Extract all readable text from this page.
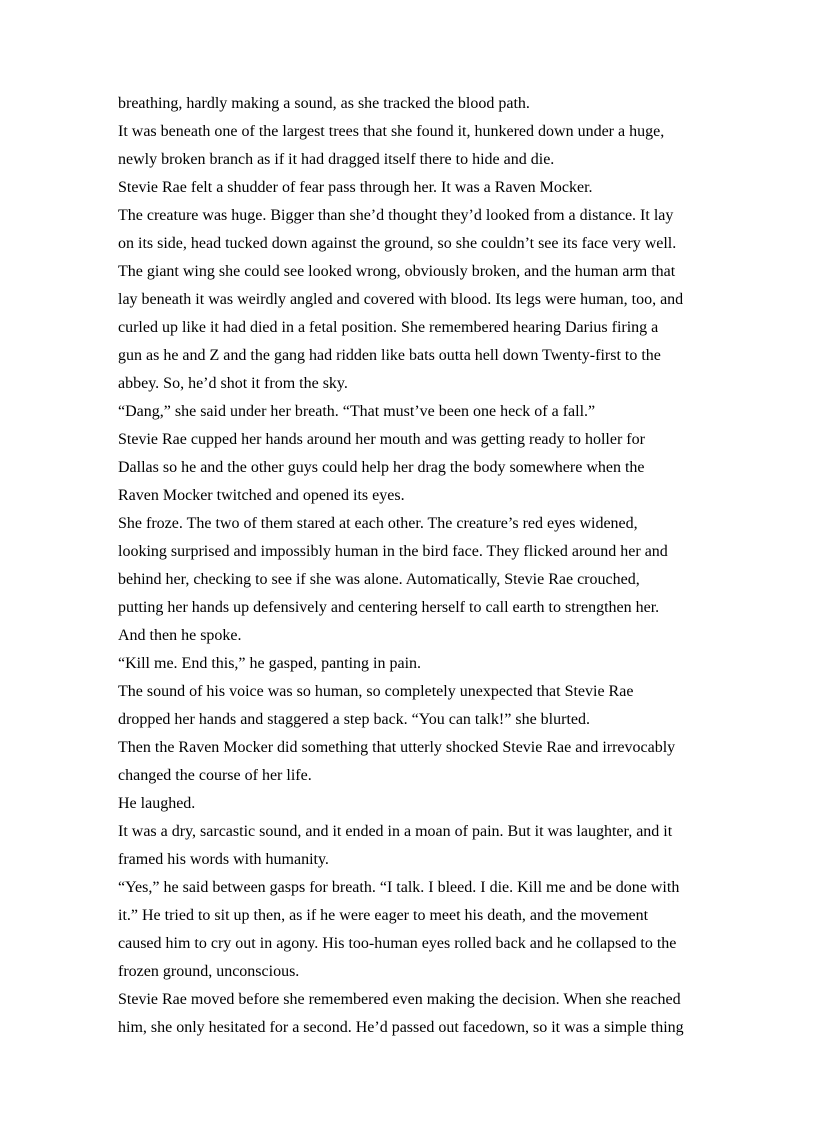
breathing, hardly making a sound, as she tracked the blood path.
It was beneath one of the largest trees that she found it, hunkered down under a huge,
newly broken branch as if it had dragged itself there to hide and die.
Stevie Rae felt a shudder of fear pass through her. It was a Raven Mocker.
The creature was huge. Bigger than she’d thought they’d looked from a distance. It lay
on its side, head tucked down against the ground, so she couldn’t see its face very well.
The giant wing she could see looked wrong, obviously broken, and the human arm that
lay beneath it was weirdly angled and covered with blood. Its legs were human, too, and
curled up like it had died in a fetal position. She remembered hearing Darius firing a
gun as he and Z and the gang had ridden like bats outta hell down Twenty-first to the
abbey. So, he’d shot it from the sky.
“Dang,” she said under her breath. “That must’ve been one heck of a fall.”
Stevie Rae cupped her hands around her mouth and was getting ready to holler for
Dallas so he and the other guys could help her drag the body somewhere when the
Raven Mocker twitched and opened its eyes.
She froze. The two of them stared at each other. The creature’s red eyes widened,
looking surprised and impossibly human in the bird face. They flicked around her and
behind her, checking to see if she was alone. Automatically, Stevie Rae crouched,
putting her hands up defensively and centering herself to call earth to strengthen her.
And then he spoke.
“Kill me. End this,” he gasped, panting in pain.
The sound of his voice was so human, so completely unexpected that Stevie Rae
dropped her hands and staggered a step back. “You can talk!” she blurted.
Then the Raven Mocker did something that utterly shocked Stevie Rae and irrevocably
changed the course of her life.
He laughed.
It was a dry, sarcastic sound, and it ended in a moan of pain. But it was laughter, and it
framed his words with humanity.
“Yes,” he said between gasps for breath. “I talk. I bleed. I die. Kill me and be done with
it.” He tried to sit up then, as if he were eager to meet his death, and the movement
caused him to cry out in agony. His too-human eyes rolled back and he collapsed to the
frozen ground, unconscious.
Stevie Rae moved before she remembered even making the decision. When she reached
him, she only hesitated for a second. He’d passed out facedown, so it was a simple thing
